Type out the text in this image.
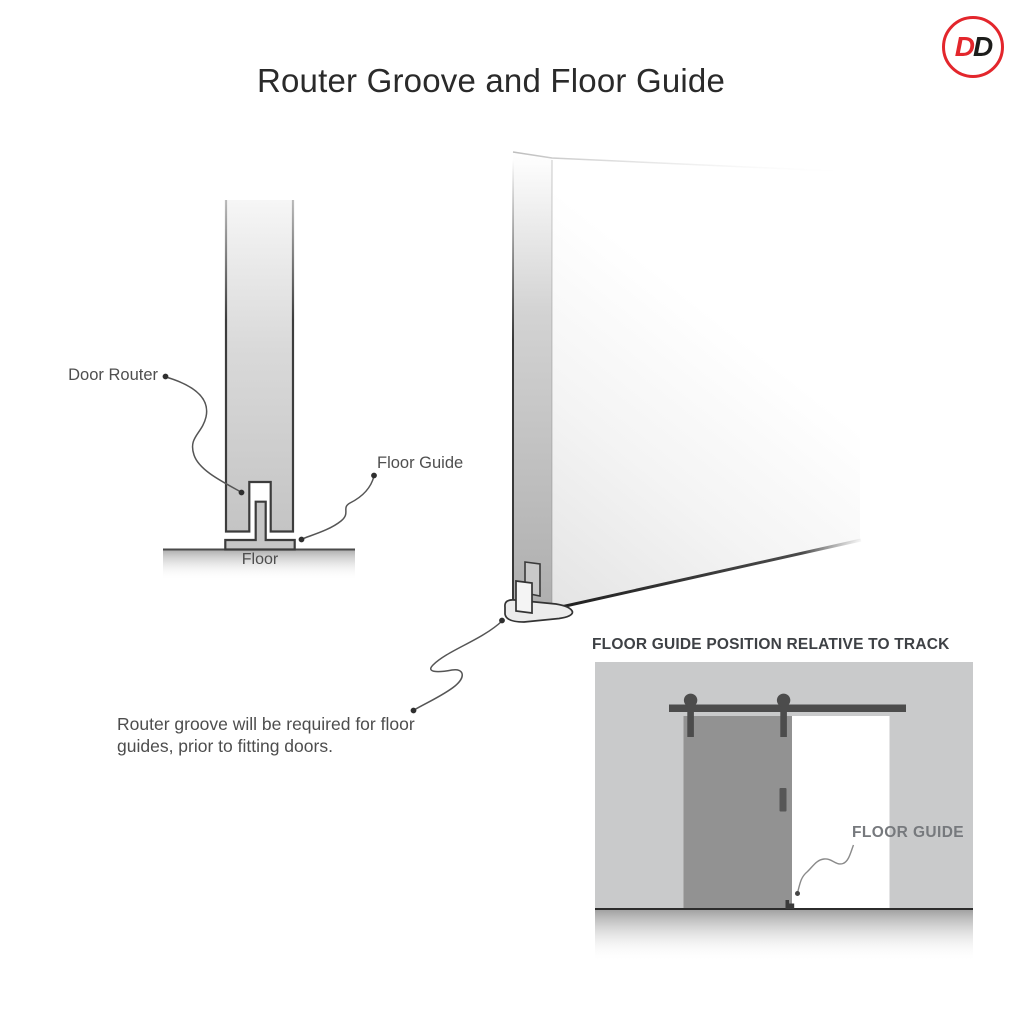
Router Groove and Floor Guide
D D
Door Router
Floor Guide
Floor
Router groove will be required for floor guides, prior to fitting doors.
FLOOR GUIDE POSITION RELATIVE TO TRACK
FLOOR GUIDE
